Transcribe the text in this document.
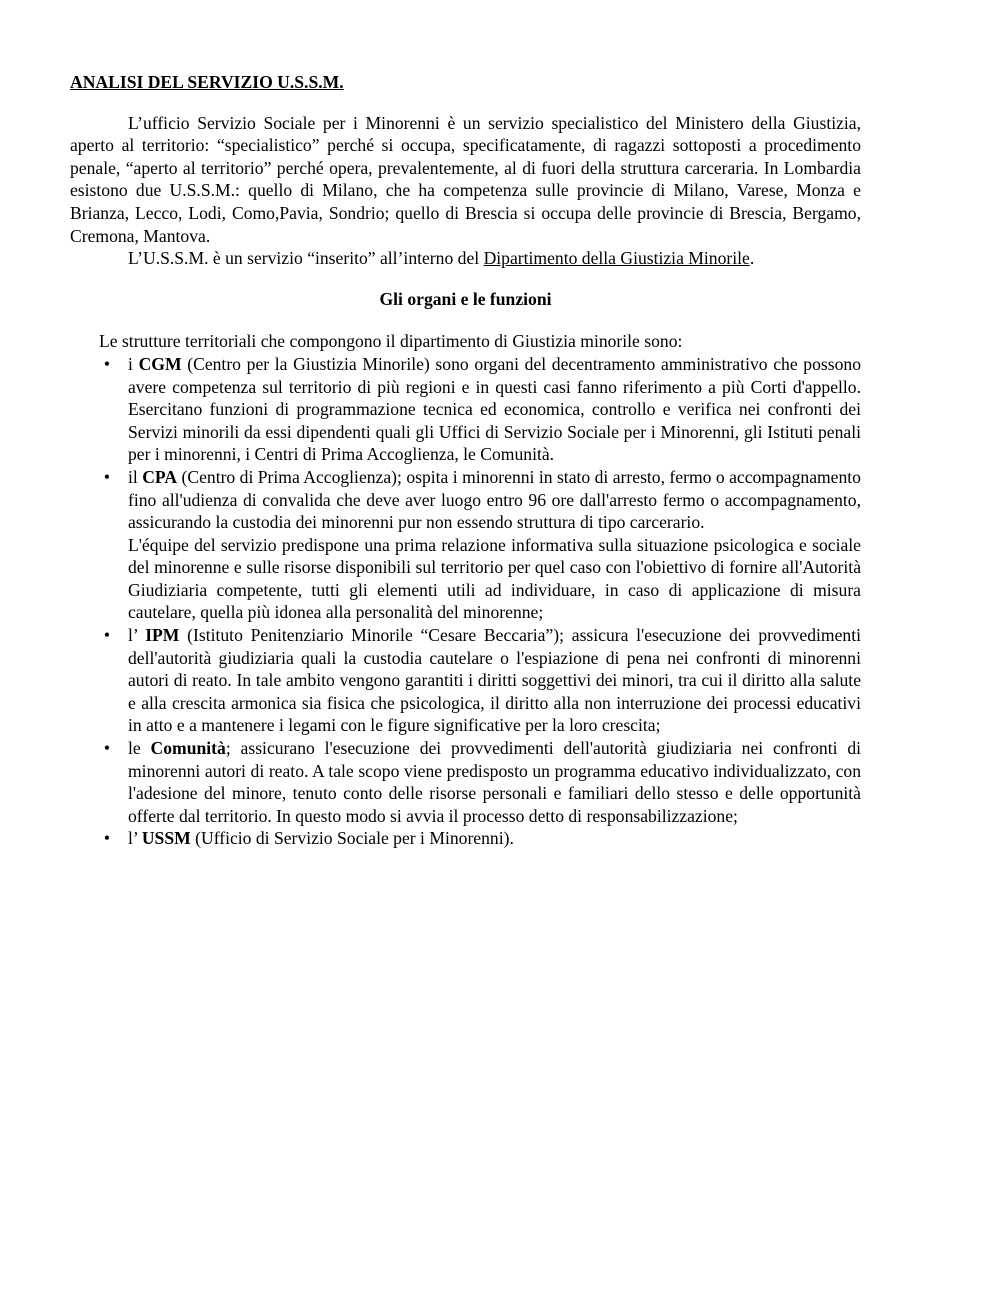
ANALISI DEL SERVIZIO U.S.S.M.

L’ufficio Servizio Sociale per i Minorenni è un servizio specialistico del Ministero della Giustizia, aperto al territorio: “specialistico” perché si occupa, specificatamente, di ragazzi sottoposti a procedimento penale, “aperto al territorio” perché opera, prevalentemente, al di fuori della struttura carceraria. In Lombardia esistono due U.S.S.M.: quello di Milano, che ha competenza sulle provincie di Milano, Varese, Monza e Brianza, Lecco, Lodi, Como,Pavia, Sondrio; quello di Brescia si occupa delle provincie di Brescia, Bergamo, Cremona, Mantova.

L’U.S.S.M. è un servizio “inserito” all’interno del Dipartimento della Giustizia Minorile.

Gli organi e le funzioni
Le strutture territoriali che compongono il dipartimento di Giustizia minorile sono:
• i CGM (Centro per la Giustizia Minorile) sono organi del decentramento amministrativo che possono avere competenza sul territorio di più regioni e in questi casi fanno riferimento a più Corti d'appello. Esercitano funzioni di programmazione tecnica ed economica, controllo e verifica nei confronti dei Servizi minorili da essi dipendenti quali gli Uffici di Servizio Sociale per i Minorenni, gli Istituti penali per i minorenni, i Centri di Prima Accoglienza, le Comunità.
• il CPA (Centro di Prima Accoglienza); ospita i minorenni in stato di arresto, fermo o accompagnamento fino all'udienza di convalida che deve aver luogo entro 96 ore dall'arresto fermo o accompagnamento, assicurando la custodia dei minorenni pur non essendo struttura di tipo carcerario.

L'équipe del servizio predispone una prima relazione informativa sulla situazione psicologica e sociale del minorenne e sulle risorse disponibili sul territorio per quel caso con l'obiettivo di fornire all'Autorità Giudiziaria competente, tutti gli elementi utili ad individuare, in caso di applicazione di misura cautelare, quella più idonea alla personalità del minorenne;

• l’ IPM (Istituto Penitenziario Minorile “Cesare Beccaria”); assicura l'esecuzione dei provvedimenti dell'autorità giudiziaria quali la custodia cautelare o l'espiazione di pena nei confronti di minorenni autori di reato. In tale ambito vengono garantiti i diritti soggettivi dei minori, tra cui il diritto alla salute e alla crescita armonica sia fisica che psicologica, il diritto alla non interruzione dei processi educativi in atto e a mantenere i legami con le figure significative per la loro crescita;
• le Comunità; assicurano l'esecuzione dei provvedimenti dell'autorità giudiziaria nei confronti di minorenni autori di reato. A tale scopo viene predisposto un programma educativo individualizzato, con l'adesione del minore, tenuto conto delle risorse personali e familiari dello stesso e delle opportunità offerte dal territorio. In questo modo si avvia il processo detto di responsabilizzazione;
• l’ USSM (Ufficio di Servizio Sociale per i Minorenni).
